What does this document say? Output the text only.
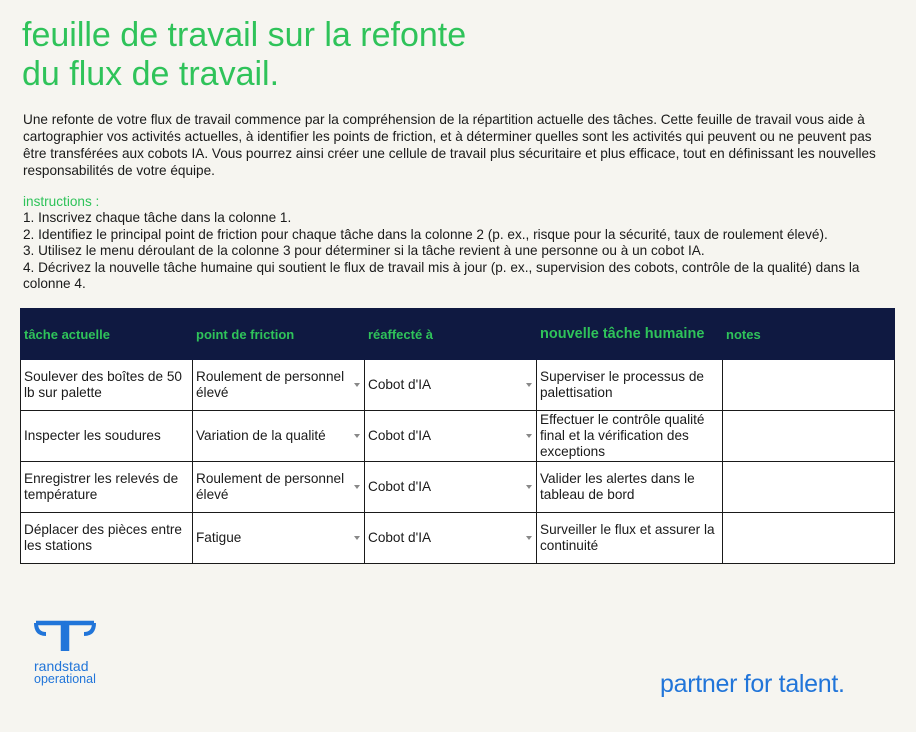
feuille de travail sur la refonte
du flux de travail.

Une refonte de votre flux de travail commence par la compréhension de la répartition actuelle des tâches. Cette feuille de travail vous aide à cartographier vos activités actuelles, à identifier les points de friction, et à déterminer quelles sont les activités qui peuvent ou ne peuvent pas être transférées aux cobots IA. Vous pourrez ainsi créer une cellule de travail plus sécuritaire et plus efficace, tout en définissant les nouvelles responsabilités de votre équipe.

instructions :
1. Inscrivez chaque tâche dans la colonne 1.
2. Identifiez le principal point de friction pour chaque tâche dans la colonne 2 (p. ex., risque pour la sécurité, taux de roulement élevé).
3. Utilisez le menu déroulant de la colonne 3 pour déterminer si la tâche revient à une personne ou à un cobot IA.
4. Décrivez la nouvelle tâche humaine qui soutient le flux de travail mis à jour (p. ex., supervision des cobots, contrôle de la qualité) dans la colonne 4.
tâche actuelle	point de friction	réaffecté à	nouvelle tâche humaine	notes
Soulever des boîtes de 50 lb sur palette	Roulement de personnel élevé	Cobot d'IA	Superviser le processus de palettisation	
Inspecter les soudures	Variation de la qualité	Cobot d'IA	Effectuer le contrôle qualité final et la vérification des exceptions	
Enregistrer les relevés de température	Roulement de personnel élevé	Cobot d'IA	Valider les alertes dans le tableau de bord	
Déplacer des pièces entre les stations	Fatigue	Cobot d'IA	Surveiller le flux et assurer la continuité	
randstad
operational	partner for talent.
